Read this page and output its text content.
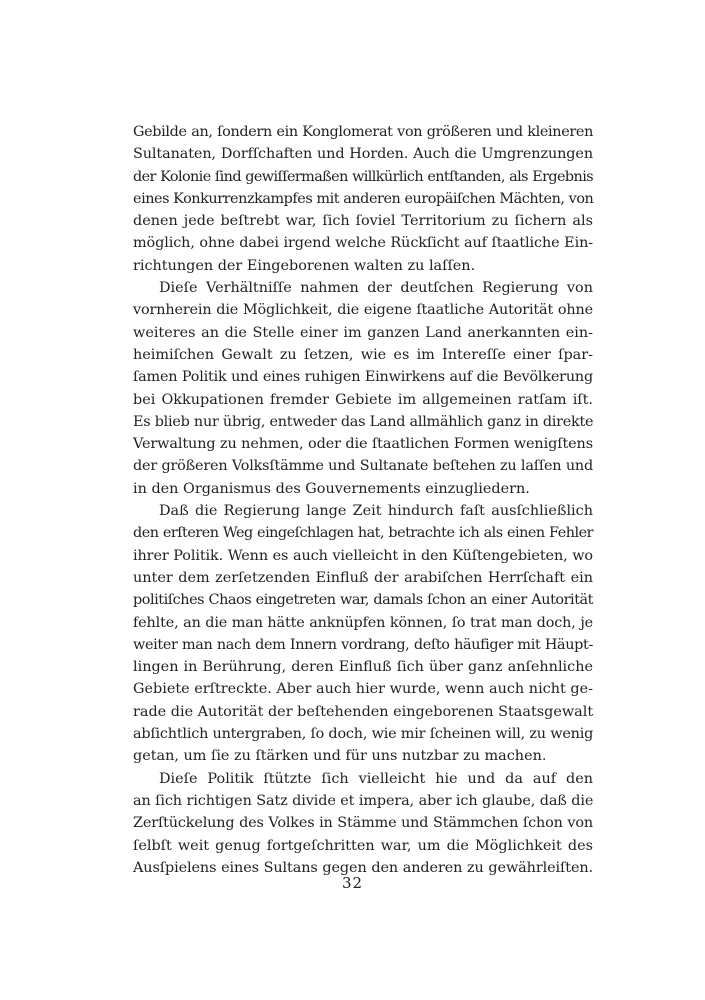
Gebilde an, ſondern ein Konglomerat von größeren und kleineren
Sultanaten, Dorfſchaften und Horden. Auch die Umgrenzungen
der Kolonie ſind gewiſſermaßen willkürlich entſtanden, als Ergebnis
eines Konkurrenzkampfes mit anderen europäiſchen Mächten, von
denen jede beſtrebt war, ſich ſoviel Territorium zu ſichern als
möglich, ohne dabei irgend welche Rückſicht auf ſtaatliche Ein-
richtungen der Eingeborenen walten zu laſſen.
Dieſe Verhältniſſe nahmen der deutſchen Regierung von
vornherein die Möglichkeit, die eigene ſtaatliche Autorität ohne
weiteres an die Stelle einer im ganzen Land anerkannten ein-
heimiſchen Gewalt zu ſetzen, wie es im Intereſſe einer ſpar-
ſamen Politik und eines ruhigen Einwirkens auf die Bevölkerung
bei Okkupationen fremder Gebiete im allgemeinen ratſam iſt.
Es blieb nur übrig, entweder das Land allmählich ganz in direkte
Verwaltung zu nehmen, oder die ſtaatlichen Formen wenigſtens
der größeren Volksſtämme und Sultanate beſtehen zu laſſen und
in den Organismus des Gouvernements einzugliedern.
Daß die Regierung lange Zeit hindurch faſt ausſchließlich
den erſteren Weg eingeſchlagen hat, betrachte ich als einen Fehler
ihrer Politik. Wenn es auch vielleicht in den Küſtengebieten, wo
unter dem zerſetzenden Einfluß der arabiſchen Herrſchaft ein
politiſches Chaos eingetreten war, damals ſchon an einer Autorität
fehlte, an die man hätte anknüpfen können, ſo trat man doch, je
weiter man nach dem Innern vordrang, deſto häufiger mit Häupt-
lingen in Berührung, deren Einfluß ſich über ganz anſehnliche
Gebiete erſtreckte. Aber auch hier wurde, wenn auch nicht ge-
rade die Autorität der beſtehenden eingeborenen Staatsgewalt
abſichtlich untergraben, ſo doch, wie mir ſcheinen will, zu wenig
getan, um ſie zu ſtärken und für uns nutzbar zu machen.
Dieſe Politik ſtützte ſich vielleicht hie und da auf den
an ſich richtigen Satz divide et impera, aber ich glaube, daß die
Zerſtückelung des Volkes in Stämme und Stämmchen ſchon von
ſelbſt weit genug fortgeſchritten war, um die Möglichkeit des
Ausſpielens eines Sultans gegen den anderen zu gewährleiſten.
32
